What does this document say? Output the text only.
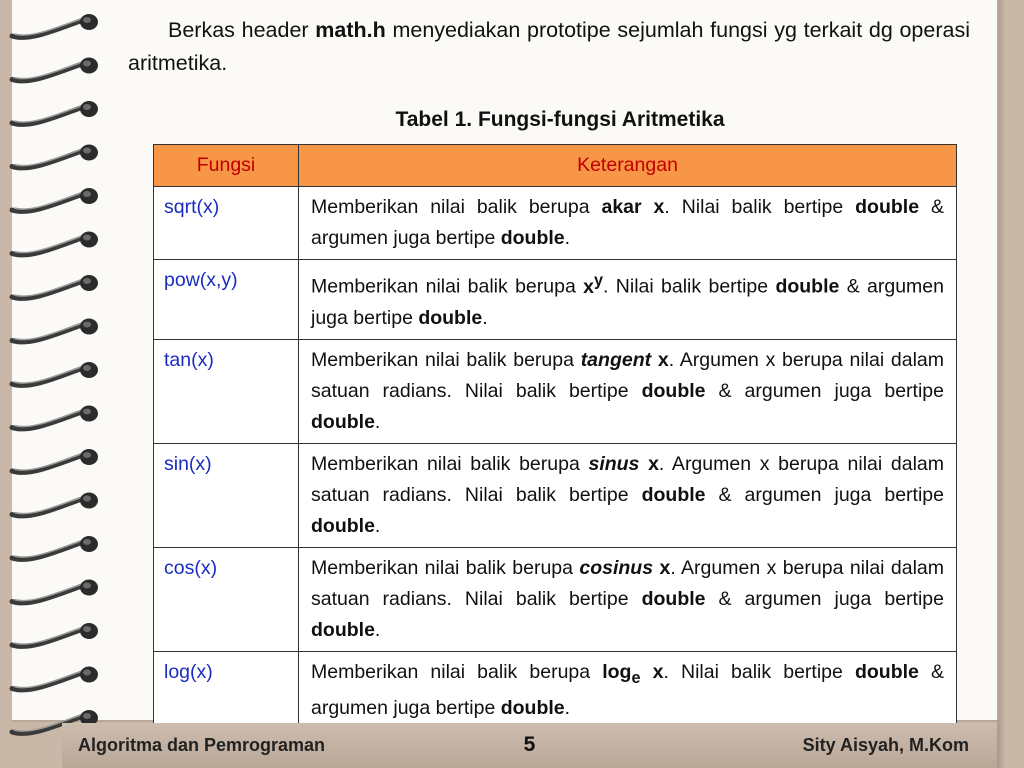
Berkas header math.h menyediakan prototipe sejumlah fungsi yg terkait dg operasi aritmetika.
Tabel 1. Fungsi-fungsi Aritmetika
Fungsi	Keterangan
sqrt(x)	Memberikan nilai balik berupa akar x. Nilai balik bertipe double & argumen juga bertipe double.
pow(x,y)	Memberikan nilai balik berupa $x^y$. Nilai balik bertipe double & argumen juga bertipe double.
tan(x)	Memberikan nilai balik berupa tangent x. Argumen x berupa nilai dalam satuan radians. Nilai balik bertipe double & argumen juga bertipe double.
sin(x)	Memberikan nilai balik berupa sinus x. Argumen x berupa nilai dalam satuan radians. Nilai balik bertipe double & argumen juga bertipe double.
cos(x)	Memberikan nilai balik berupa cosinus x. Argumen x berupa nilai dalam satuan radians. Nilai balik bertipe double & argumen juga bertipe double.
log(x)	Memberikan nilai balik berupa $\log_e x$. Nilai balik bertipe double & argumen juga bertipe double.
Algoritma dan Pemrograman	5	Sity Aisyah, M.Kom
